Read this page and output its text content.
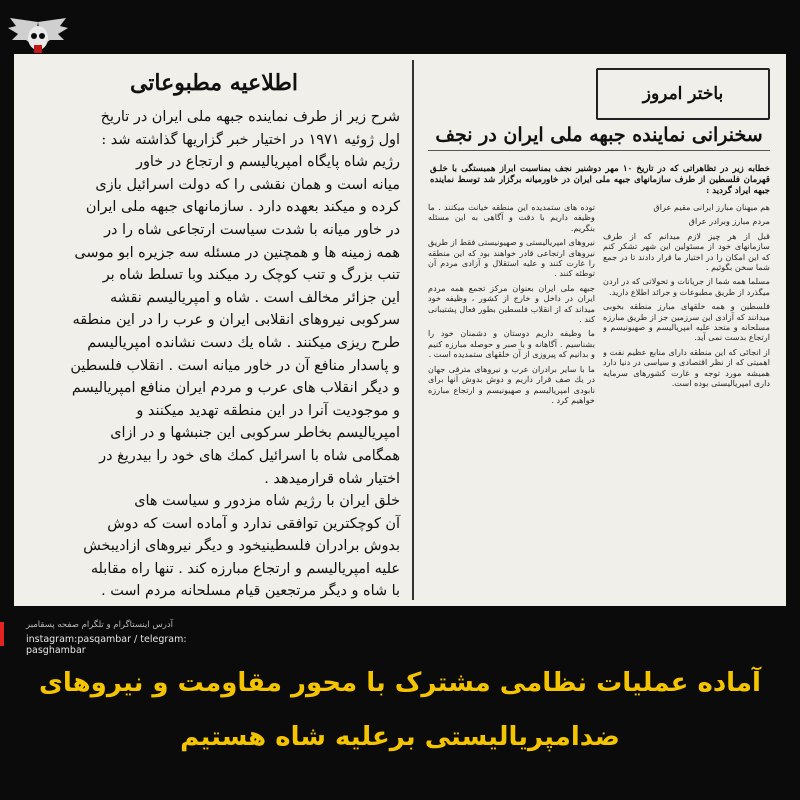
اطلاعیه مطبوعاتی
شرح زیر از طرف نماینده جبهه ملی ایران در تاریخ
اول ژوئیه ۱۹۷۱ در اختیار خبر گزاریها گذاشته شد :
رژیم شاه پایگاه امپریالیسم و ارتجاع در خاور
میانه است و همان نقشی را که دولت اسرائیل بازی
کرده و میکند بعهده دارد . سازمانهای جبهه ملی ایران
در خاور میانه با شدت سیاست ارتجاعی شاه را در
همه زمینه ها و همچنین در مسئله سه جزیره ابو موسی
تنب بزرگ و تنب کوچک رد میکند وبا تسلط شاه بر
این جزائر مخالف است . شاه و امپریالیسم نقشه
سرکوبی نیروهای انقلابی ایران و عرب را در این منطقه
طرح ریزی میکنند . شاه یك دست نشانده امپریالیسم
و پاسدار منافع آن در خاور میانه است . انقلاب فلسطین
و دیگر انقلاب های عرب و مردم ایران منافع امپریالیسم
و موجودیت آنرا در این منطقه تهدید میکنند و
امپریالیسم بخاطر سرکوبی این جنبشها و در ازای
همگامی شاه با اسرائیل کمك های خود را بیدریغ در
اختیار شاه قرارمیدهد .
خلق ایران با رژیم شاه مزدور و سیاست های
آن کوچکترین توافقی ندارد و آماده است که دوش
بدوش برادران فلسطینیخود و دیگر نیروهای ازادیبخش
علیه امپریالیسم و ارتجاع مبارزه کند . تنها راه مقابله
با شاه و دیگر مرتجعین قیام مسلحانه مردم است .
باختر امروز
سخنرانی نماینده جبهه ملی ایران در نجف
خطابه زیر در تظاهراتی که در تاریخ ۱۰ مهر دوشنبر نجف بمناسبت ابراز همبستگی با خلـق قهرمان فلسطین از طرف سازمانهای جبهه ملی ایران در خاورمیانه برگزار شد توسط نماینده جبهه ایراد گردید :

هم میهنان مبارز ایرانی مقیم عراق

مردم مبارز وبرادر عراق

قبل از هر چیز لازم میدانم که از طرف سازمانهای خود از مسئولین این شهر تشکر کنم که این امکان را در اختیار ما قرار دادند تا در جمع شما سخن بگوئیم .

مسلما همه شما از جریانات و تحولاتی که در اردن میگذرد از طریق مطبوعات و جرائد اطلاع دارید.

فلسطین و همه خلقهای مبارز منطقه بخوبی میدانند که آزادی این سرزمین جز از طریق مبارزه مسلحانه و متحد علیه امپریالیسم و صهیونیسم و ارتجاع بدست نمی آید.

از انجائی که این منطقه دارای منابع عظیم نفت و اهمیتی که از نظر اقتصادی و سیاسی در دنیا دارد همیشه مورد توجه و غارت کشورهای سرمایه داری امپریالیستی بوده است.

توده های ستمدیده این منطقه خیانت میکنند . ما وظیفه داریم با دقت و آگاهی به این مسئله بنگریم.

نیروهای امپریالیستی و صهیونیستی فقط از طریق نیروهای ارتجاعی قادر خواهند بود که این منطقه را غارت کنند و علیه استقلال و آزادی مردم آن توطئه کنند .

جبهه ملی ایران بعنوان مرکز تجمع همه مردم ایران در داخل و خارج از کشور ، وظیفه خود میداند که از انقلاب فلسطین بطور فعال پشتیبانی کند .

ما وظیفه داریم دوستان و دشمنان خود را بشناسیم . آگاهانه و با صبر و حوصله مبارزه کنیم و بدانیم که پیروزی از آن خلقهای ستمدیده است .

ما با سایر برادران عرب و نیروهای مترقی جهان در یك صف قرار داریم و دوش بدوش آنها برای نابودی امپریالیسم و صهیونیسم و ارتجاع مبارزه خواهیم کرد .

آدرس اینستاگرام و تلگرام صفحه پسقامبر
instagram:pasqambar / telegram: pasghambar
آماده عملیات نظامی مشترک با محور مقاومت و نیروهای
ضدامپریالیستی برعلیه شاه هستیم
